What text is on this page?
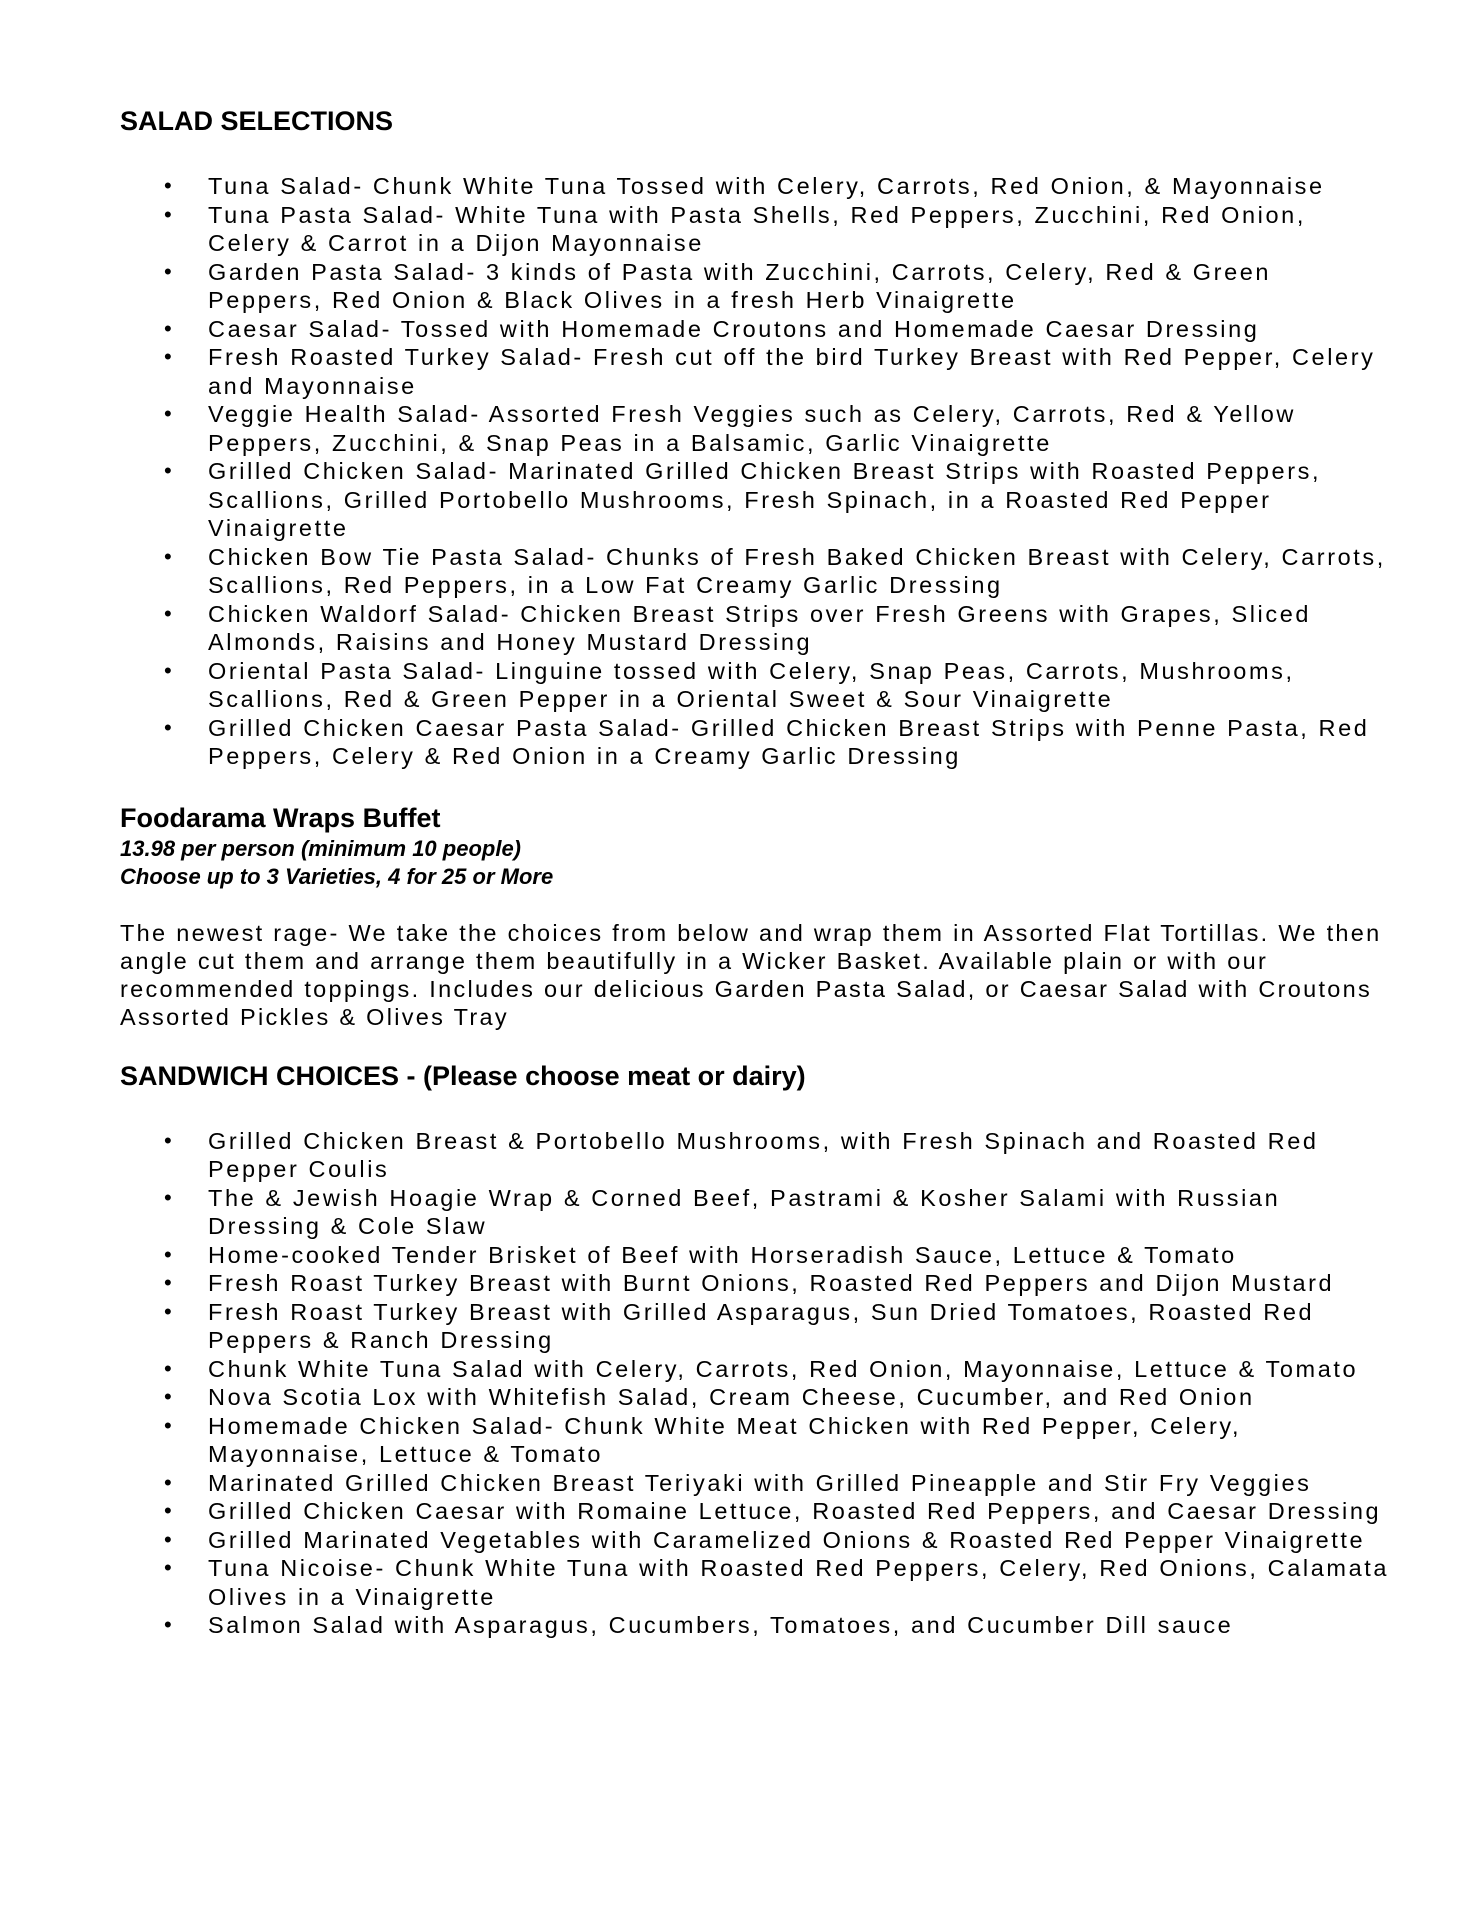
SALAD SELECTIONS
• Tuna Salad- Chunk White Tuna Tossed with Celery, Carrots, Red Onion, & Mayonnaise
• Tuna Pasta Salad- White Tuna with Pasta Shells, Red Peppers, Zucchini, Red Onion, Celery & Carrot in a Dijon Mayonnaise
• Garden Pasta Salad- 3 kinds of Pasta with Zucchini, Carrots, Celery, Red & Green Peppers, Red Onion & Black Olives in a fresh Herb Vinaigrette
• Caesar Salad- Tossed with Homemade Croutons and Homemade Caesar Dressing
• Fresh Roasted Turkey Salad- Fresh cut off the bird Turkey Breast with Red Pepper, Celery and Mayonnaise
• Veggie Health Salad- Assorted Fresh Veggies such as Celery, Carrots, Red & Yellow Peppers, Zucchini, & Snap Peas in a Balsamic, Garlic Vinaigrette
• Grilled Chicken Salad- Marinated Grilled Chicken Breast Strips with Roasted Peppers, Scallions, Grilled Portobello Mushrooms, Fresh Spinach, in a Roasted Red Pepper Vinaigrette
• Chicken Bow Tie Pasta Salad- Chunks of Fresh Baked Chicken Breast with Celery, Carrots, Scallions, Red Peppers, in a Low Fat Creamy Garlic Dressing
• Chicken Waldorf Salad- Chicken Breast Strips over Fresh Greens with Grapes, Sliced Almonds, Raisins and Honey Mustard Dressing
• Oriental Pasta Salad- Linguine tossed with Celery, Snap Peas, Carrots, Mushrooms, Scallions, Red & Green Pepper in a Oriental Sweet & Sour Vinaigrette
• Grilled Chicken Caesar Pasta Salad- Grilled Chicken Breast Strips with Penne Pasta, Red Peppers, Celery & Red Onion in a Creamy Garlic Dressing
Foodarama Wraps Buffet

13.98 per person (minimum 10 people)

Choose up to 3 Varieties, 4 for 25 or More

The newest rage- We take the choices from below and wrap them in Assorted Flat Tortillas. We then angle cut them and arrange them beautifully in a Wicker Basket. Available plain or with our recommended toppings. Includes our delicious Garden Pasta Salad, or Caesar Salad with Croutons Assorted Pickles & Olives Tray

SANDWICH CHOICES - (Please choose meat or dairy)
• Grilled Chicken Breast & Portobello Mushrooms, with Fresh Spinach and Roasted Red Pepper Coulis
• The & Jewish Hoagie Wrap & Corned Beef, Pastrami & Kosher Salami with Russian Dressing & Cole Slaw
• Home-cooked Tender Brisket of Beef with Horseradish Sauce, Lettuce & Tomato
• Fresh Roast Turkey Breast with Burnt Onions, Roasted Red Peppers and Dijon Mustard
• Fresh Roast Turkey Breast with Grilled Asparagus, Sun Dried Tomatoes, Roasted Red Peppers & Ranch Dressing
• Chunk White Tuna Salad with Celery, Carrots, Red Onion, Mayonnaise, Lettuce & Tomato
• Nova Scotia Lox with Whitefish Salad, Cream Cheese, Cucumber, and Red Onion
• Homemade Chicken Salad- Chunk White Meat Chicken with Red Pepper, Celery, Mayonnaise, Lettuce & Tomato
• Marinated Grilled Chicken Breast Teriyaki with Grilled Pineapple and Stir Fry Veggies
• Grilled Chicken Caesar with Romaine Lettuce, Roasted Red Peppers, and Caesar Dressing
• Grilled Marinated Vegetables with Caramelized Onions & Roasted Red Pepper Vinaigrette
• Tuna Nicoise- Chunk White Tuna with Roasted Red Peppers, Celery, Red Onions, Calamata Olives in a Vinaigrette
• Salmon Salad with Asparagus, Cucumbers, Tomatoes, and Cucumber Dill sauce
